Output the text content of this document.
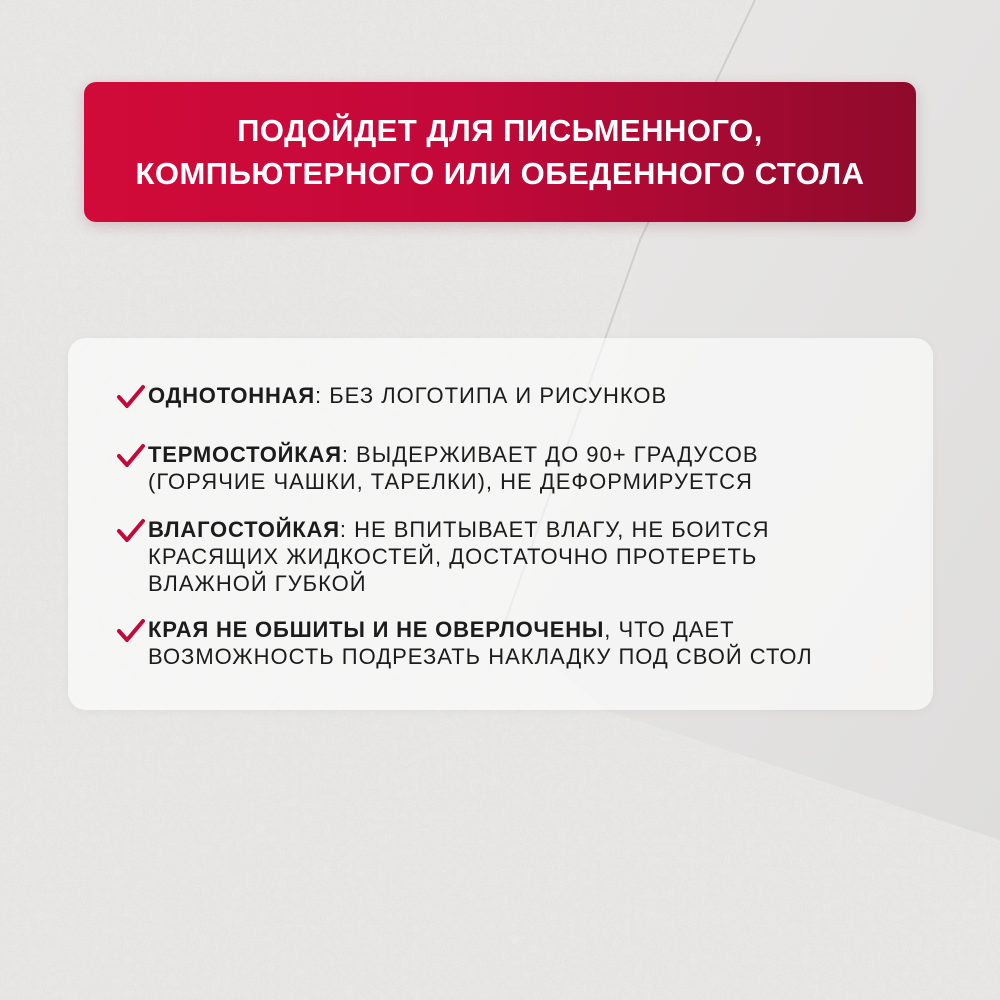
ПОДОЙДЕТ ДЛЯ ПИСЬМЕННОГО,
КОМПЬЮТЕРНОГО ИЛИ ОБЕДЕННОГО СТОЛА

ОДНОТОННАЯ: БЕЗ ЛОГОТИПА И РИСУНКОВ
ТЕРМОСТОЙКАЯ: ВЫДЕРЖИВАЕТ ДО 90+ ГРАДУСОВ
(ГОРЯЧИЕ ЧАШКИ, ТАРЕЛКИ), НЕ ДЕФОРМИРУЕТСЯ
ВЛАГОСТОЙКАЯ: НЕ ВПИТЫВАЕТ ВЛАГУ, НЕ БОИТСЯ
КРАСЯЩИХ ЖИДКОСТЕЙ, ДОСТАТОЧНО ПРОТЕРЕТЬ
ВЛАЖНОЙ ГУБКОЙ
КРАЯ НЕ ОБШИТЫ И НЕ ОВЕРЛОЧЕНЫ, ЧТО ДАЕТ
ВОЗМОЖНОСТЬ ПОДРЕЗАТЬ НАКЛАДКУ ПОД СВОЙ СТОЛ
